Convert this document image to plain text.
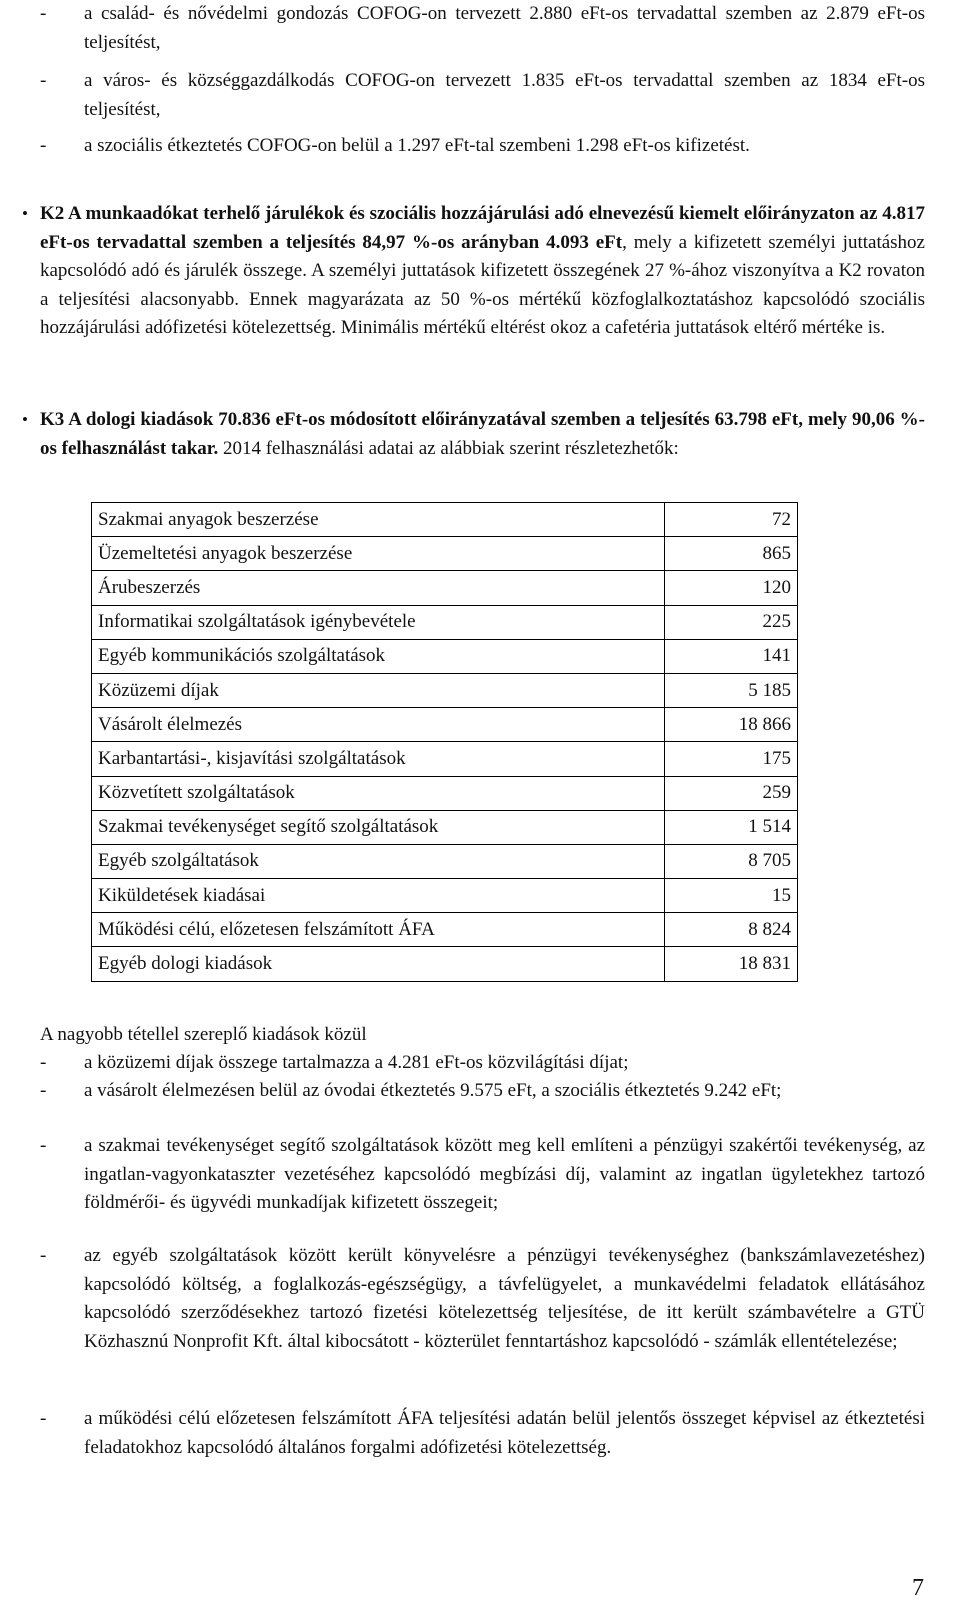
- a család- és nővédelmi gondozás COFOG-on tervezett 2.880 eFt-os tervadattal szemben az 2.879 eFt-os teljesítést,
- a város- és községgazdálkodás COFOG-on tervezett 1.835 eFt-os tervadattal szemben az 1834 eFt-os teljesítést,
- a szociális étkeztetés COFOG-on belül a 1.297 eFt-tal szembeni 1.298 eFt-os kifizetést.
• K2 A munkaadókat terhelő járulékok és szociális hozzájárulási adó elnevezésű kiemelt előirányzaton az 4.817 eFt-os tervadattal szemben a teljesítés 84,97 %-os arányban 4.093 eFt, mely a kifizetett személyi juttatáshoz kapcsolódó adó és járulék összege. A személyi juttatások kifizetett összegének 27 %-ához viszonyítva a K2 rovaton a teljesítési alacsonyabb. Ennek magyarázata az 50 %-os mértékű közfoglalkoztatáshoz kapcsolódó szociális hozzájárulási adófizetési kötelezettség. Minimális mértékű eltérést okoz a cafetéria juttatások eltérő mértéke is.
• K3 A dologi kiadások 70.836 eFt-os módosított előirányzatával szemben a teljesítés 63.798 eFt, mely 90,06 %-os felhasználást takar. 2014 felhasználási adatai az alábbiak szerint részletezhetők:
Szakmai anyagok beszerzése	72
Üzemeltetési anyagok beszerzése	865
Árubeszerzés	120
Informatikai szolgáltatások igénybevétele	225
Egyéb kommunikációs szolgáltatások	141
Közüzemi díjak	5 185
Vásárolt élelmezés	18 866
Karbantartási-, kisjavítási szolgáltatások	175
Közvetített szolgáltatások	259
Szakmai tevékenységet segítő szolgáltatások	1 514
Egyéb szolgáltatások	8 705
Kiküldetések kiadásai	15
Működési célú, előzetesen felszámított ÁFA	8 824
Egyéb dologi kiadások	18 831
A nagyobb tétellel szereplő kiadások közül
- a közüzemi díjak összege tartalmazza a 4.281 eFt-os közvilágítási díjat;
- a vásárolt élelmezésen belül az óvodai étkeztetés 9.575 eFt, a szociális étkeztetés 9.242 eFt;
- a szakmai tevékenységet segítő szolgáltatások között meg kell említeni a pénzügyi szakértői tevékenység, az ingatlan-vagyonkataszter vezetéséhez kapcsolódó megbízási díj, valamint az ingatlan ügyletekhez tartozó földmérői- és ügyvédi munkadíjak kifizetett összegeit;
- az egyéb szolgáltatások között került könyvelésre a pénzügyi tevékenységhez (bankszámlavezetéshez) kapcsolódó költség, a foglalkozás-egészségügy, a távfelügyelet, a munkavédelmi feladatok ellátásához kapcsolódó szerződésekhez tartozó fizetési kötelezettség teljesítése, de itt került számbavételre a GTÜ Közhasznú Nonprofit Kft. által kibocsátott - közterület fenntartáshoz kapcsolódó - számlák ellentételezése;
- a működési célú előzetesen felszámított ÁFA teljesítési adatán belül jelentős összeget képvisel az étkeztetési feladatokhoz kapcsolódó általános forgalmi adófizetési kötelezettség.
7
